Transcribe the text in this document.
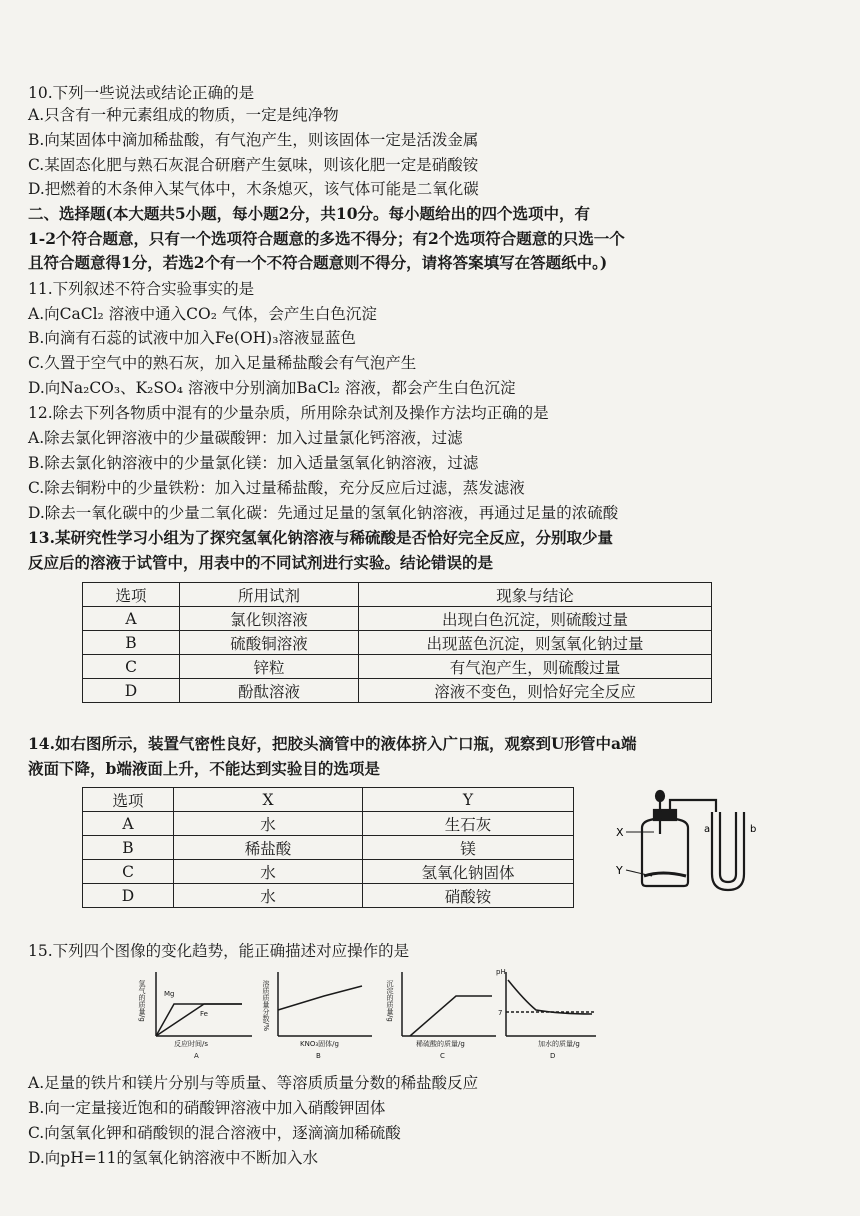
10.下列一些说法或结论正确的是
A.只含有一种元素组成的物质，一定是纯净物
B.向某固体中滴加稀盐酸，有气泡产生，则该固体一定是活泼金属
C.某固态化肥与熟石灰混合研磨产生氨味，则该化肥一定是硝酸铵
D.把燃着的木条伸入某气体中，木条熄灭，该气体可能是二氧化碳
二、选择题(本大题共5小题，每小题2分，共10分。每小题给出的四个选项中，有
1-2个符合题意，只有一个选项符合题意的多选不得分；有2个选项符合题意的只选一个
且符合题意得1分，若选2个有一个不符合题意则不得分，请将答案填写在答题纸中。)
11.下列叙述不符合实验事实的是
A.向CaCl₂ 溶液中通入CO₂ 气体，会产生白色沉淀
B.向滴有石蕊的试液中加入Fe(OH)₃溶液显蓝色
C.久置于空气中的熟石灰，加入足量稀盐酸会有气泡产生
D.向Na₂CO₃、K₂SO₄ 溶液中分别滴加BaCl₂ 溶液，都会产生白色沉淀
12.除去下列各物质中混有的少量杂质，所用除杂试剂及操作方法均正确的是
A.除去氯化钾溶液中的少量碳酸钾：加入过量氯化钙溶液，过滤
B.除去氯化钠溶液中的少量氯化镁：加入适量氢氧化钠溶液，过滤
C.除去铜粉中的少量铁粉：加入过量稀盐酸，充分反应后过滤，蒸发滤液
D.除去一氧化碳中的少量二氧化碳：先通过足量的氢氧化钠溶液，再通过足量的浓硫酸
13.某研究性学习小组为了探究氢氧化钠溶液与稀硫酸是否恰好完全反应，分别取少量
反应后的溶液于试管中，用表中的不同试剂进行实验。结论错误的是
选项	所用试剂	现象与结论
A	氯化钡溶液	出现白色沉淀，则硫酸过量
B	硫酸铜溶液	出现蓝色沉淀，则氢氧化钠过量
C	锌粒	有气泡产生，则硫酸过量
D	酚酞溶液	溶液不变色，则恰好完全反应
14.如右图所示，装置气密性良好，把胶头滴管中的液体挤入广口瓶，观察到U形管中a端
液面下降，b端液面上升，不能达到实验目的选项是
选项	X	Y
A	水	生石灰
B	稀盐酸	镁
C	水	氢氧化钠固体
D	水	硝酸铵
X
Y
a	b
15.下列四个图像的变化趋势，能正确描述对应操作的是
氢气的质量/g	Mg
Fe
反应时间/s
A
溶质质量分数/%
KNO₃固体/g
B
沉淀的质量/g
稀硫酸的质量/g
C
pH
7
加水的质量/g
D
A.足量的铁片和镁片分别与等质量、等溶质质量分数的稀盐酸反应
B.向一定量接近饱和的硝酸钾溶液中加入硝酸钾固体
C.向氢氧化钾和硝酸钡的混合溶液中，逐滴滴加稀硫酸
D.向pH=11的氢氧化钠溶液中不断加入水
